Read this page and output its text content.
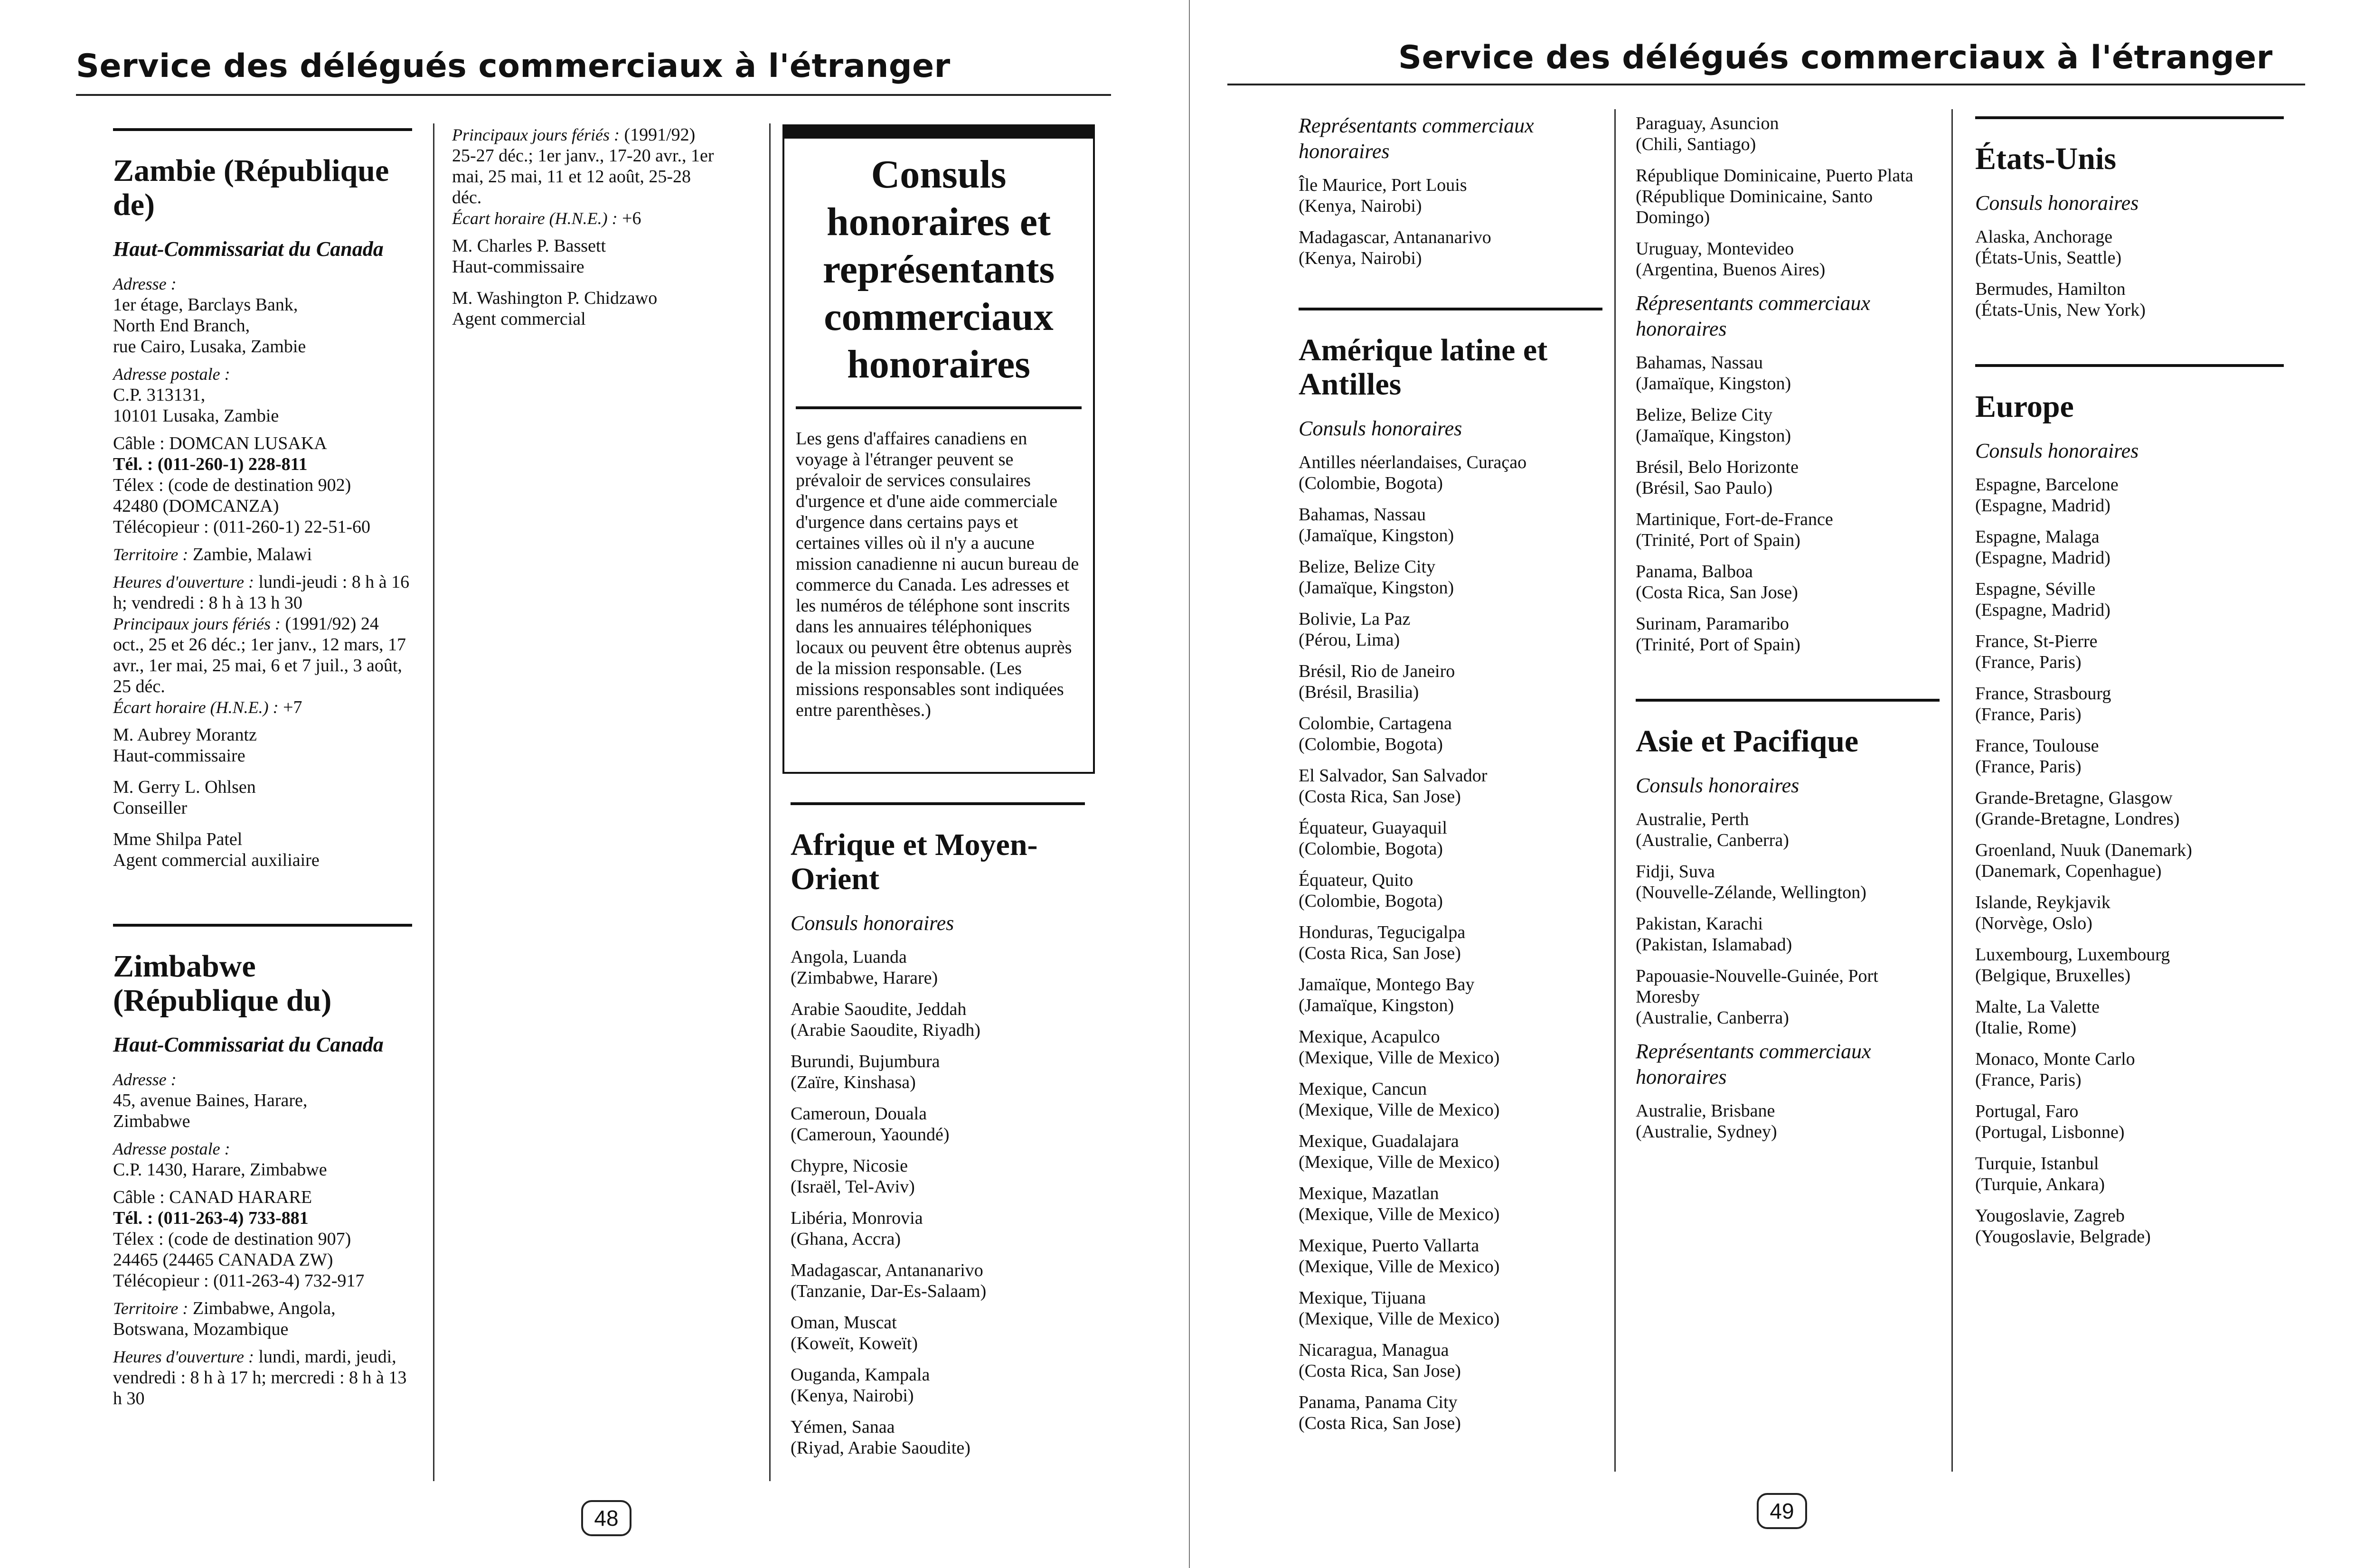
Service des délégués commerciaux à l'étranger	Service des délégués commerciaux à l'étranger
Zambie (République de)
Haut-Commissariat du Canada
Adresse :
1er étage, Barclays Bank,
North End Branch,
rue Cairo, Lusaka, Zambie
Adresse postale :
C.P. 313131,
10101 Lusaka, Zambie
Câble : DOMCAN LUSAKA
Tél. : (011-260-1) 228-811
Télex : (code de destination 902)
42480 (DOMCANZA)
Télécopieur : (011-260-1) 22-51-60
Territoire : Zambie, Malawi
Heures d'ouverture : lundi-jeudi : 8 h à 16 h; vendredi : 8 h à 13 h 30
Principaux jours fériés : (1991/92) 24 oct., 25 et 26 déc.; 1er janv., 12 mars, 17 avr., 1er mai, 25 mai, 6 et 7 juil., 3 août, 25 déc.
Écart horaire (H.N.E.) : +7
M. Aubrey Morantz
Haut-commissaire
M. Gerry L. Ohlsen
Conseiller
Mme Shilpa Patel
Agent commercial auxiliaire
Zimbabwe (République du)
Haut-Commissariat du Canada
Adresse :
45, avenue Baines, Harare,
Zimbabwe
Adresse postale :
C.P. 1430, Harare, Zimbabwe
Câble : CANAD HARARE
Tél. : (011-263-4) 733-881
Télex : (code de destination 907)
24465 (24465 CANADA ZW)
Télécopieur : (011-263-4) 732-917
Territoire : Zimbabwe, Angola, Botswana, Mozambique
Heures d'ouverture : lundi, mardi, jeudi, vendredi : 8 h à 17 h; mercredi : 8 h à 13 h 30
Principaux jours fériés : (1991/92) 25-27 déc.; 1er janv., 17-20 avr., 1er mai, 25 mai, 11 et 12 août, 25-28 déc.
Écart horaire (H.N.E.) : +6
M. Charles P. Bassett
Haut-commissaire
M. Washington P. Chidzawo
Agent commercial
Consuls
honoraires et
représentants
commerciaux
honoraires
Les gens d'affaires canadiens en voyage à l'étranger peuvent se prévaloir de services consulaires d'urgence et d'une aide commerciale d'urgence dans certains pays et certaines villes où il n'y a aucune mission canadienne ni aucun bureau de commerce du Canada. Les adresses et les numéros de téléphone sont inscrits dans les annuaires téléphoniques locaux ou peuvent être obtenus auprès de la mission responsable. (Les missions responsables sont indiquées entre parenthèses.)
Afrique et Moyen-Orient
Consuls honoraires
Angola, Luanda
(Zimbabwe, Harare)
Arabie Saoudite, Jeddah
(Arabie Saoudite, Riyadh)
Burundi, Bujumbura
(Zaïre, Kinshasa)
Cameroun, Douala
(Cameroun, Yaoundé)
Chypre, Nicosie
(Israël, Tel-Aviv)
Libéria, Monrovia
(Ghana, Accra)
Madagascar, Antananarivo
(Tanzanie, Dar-Es-Salaam)
Oman, Muscat
(Koweït, Koweït)
Ouganda, Kampala
(Kenya, Nairobi)
Yémen, Sanaa
(Riyad, Arabie Saoudite)
Représentants commerciaux
honoraires
Île Maurice, Port Louis
(Kenya, Nairobi)
Madagascar, Antananarivo
(Kenya, Nairobi)
Amérique latine et Antilles
Consuls honoraires
Antilles néerlandaises, Curaçao
(Colombie, Bogota)
Bahamas, Nassau
(Jamaïque, Kingston)
Belize, Belize City
(Jamaïque, Kingston)
Bolivie, La Paz
(Pérou, Lima)
Brésil, Rio de Janeiro
(Brésil, Brasilia)
Colombie, Cartagena
(Colombie, Bogota)
El Salvador, San Salvador
(Costa Rica, San Jose)
Équateur, Guayaquil
(Colombie, Bogota)
Équateur, Quito
(Colombie, Bogota)
Honduras, Tegucigalpa
(Costa Rica, San Jose)
Jamaïque, Montego Bay
(Jamaïque, Kingston)
Mexique, Acapulco
(Mexique, Ville de Mexico)
Mexique, Cancun
(Mexique, Ville de Mexico)
Mexique, Guadalajara
(Mexique, Ville de Mexico)
Mexique, Mazatlan
(Mexique, Ville de Mexico)
Mexique, Puerto Vallarta
(Mexique, Ville de Mexico)
Mexique, Tijuana
(Mexique, Ville de Mexico)
Nicaragua, Managua
(Costa Rica, San Jose)
Panama, Panama City
(Costa Rica, San Jose)
Paraguay, Asuncion
(Chili, Santiago)
République Dominicaine, Puerto Plata
(République Dominicaine, Santo Domingo)
Uruguay, Montevideo
(Argentina, Buenos Aires)
Répresentants commerciaux
honoraires
Bahamas, Nassau
(Jamaïque, Kingston)
Belize, Belize City
(Jamaïque, Kingston)
Brésil, Belo Horizonte
(Brésil, Sao Paulo)
Martinique, Fort-de-France
(Trinité, Port of Spain)
Panama, Balboa
(Costa Rica, San Jose)
Surinam, Paramaribo
(Trinité, Port of Spain)
Asie et Pacifique
Consuls honoraires
Australie, Perth
(Australie, Canberra)
Fidji, Suva
(Nouvelle-Zélande, Wellington)
Pakistan, Karachi
(Pakistan, Islamabad)
Papouasie-Nouvelle-Guinée, Port Moresby
(Australie, Canberra)
Représentants commerciaux
honoraires
Australie, Brisbane
(Australie, Sydney)
États-Unis
Consuls honoraires
Alaska, Anchorage
(États-Unis, Seattle)
Bermudes, Hamilton
(États-Unis, New York)
Europe
Consuls honoraires
Espagne, Barcelone
(Espagne, Madrid)
Espagne, Malaga
(Espagne, Madrid)
Espagne, Séville
(Espagne, Madrid)
France, St-Pierre
(France, Paris)
France, Strasbourg
(France, Paris)
France, Toulouse
(France, Paris)
Grande-Bretagne, Glasgow
(Grande-Bretagne, Londres)
Groenland, Nuuk (Danemark)
(Danemark, Copenhague)
Islande, Reykjavik
(Norvège, Oslo)
Luxembourg, Luxembourg
(Belgique, Bruxelles)
Malte, La Valette
(Italie, Rome)
Monaco, Monte Carlo
(France, Paris)
Portugal, Faro
(Portugal, Lisbonne)
Turquie, Istanbul
(Turquie, Ankara)
Yougoslavie, Zagreb
(Yougoslavie, Belgrade)
48	49
